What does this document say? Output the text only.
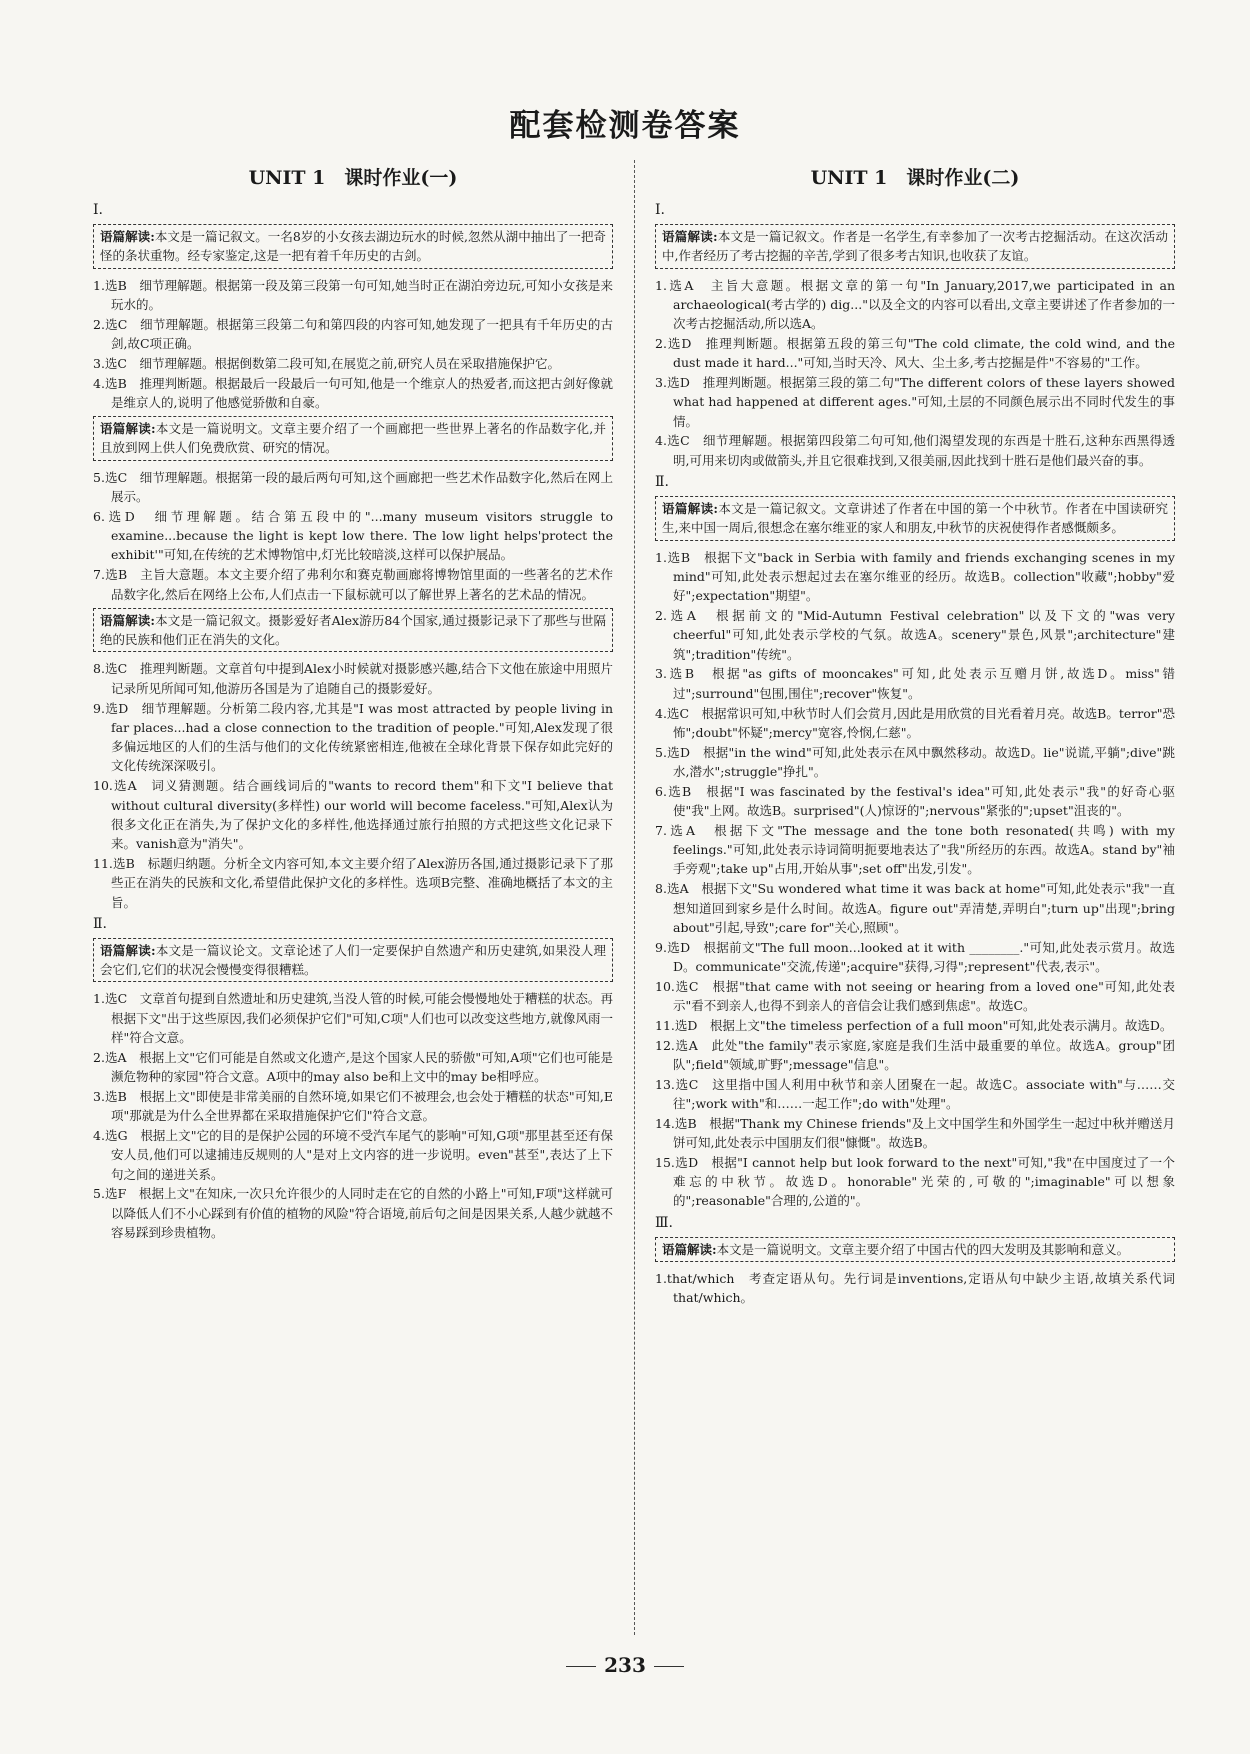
配套检测卷答案
UNIT 1　课时作业(一)
Ⅰ.
语篇解读:本文是一篇记叙文。一名8岁的小女孩去湖边玩水的时候,忽然从湖中抽出了一把奇怪的条状重物。经专家鉴定,这是一把有着千年历史的古剑。
1.选B　细节理解题。根据第一段及第三段第一句可知,她当时正在湖泊旁边玩,可知小女孩是来玩水的。
2.选C　细节理解题。根据第三段第二句和第四段的内容可知,她发现了一把具有千年历史的古剑,故C项正确。
3.选C　细节理解题。根据倒数第二段可知,在展览之前,研究人员在采取措施保护它。
4.选B　推理判断题。根据最后一段最后一句可知,他是一个维京人的热爱者,而这把古剑好像就是维京人的,说明了他感觉骄傲和自豪。
语篇解读:本文是一篇说明文。文章主要介绍了一个画廊把一些世界上著名的作品数字化,并且放到网上供人们免费欣赏、研究的情况。
5.选C　细节理解题。根据第一段的最后两句可知,这个画廊把一些艺术作品数字化,然后在网上展示。
6.选D　细节理解题。结合第五段中的"...many museum visitors struggle to examine...because the light is kept low there. The low light helps'protect the exhibit'"可知,在传统的艺术博物馆中,灯光比较暗淡,这样可以保护展品。
7.选B　主旨大意题。本文主要介绍了弗利尔和赛克勒画廊将博物馆里面的一些著名的艺术作品数字化,然后在网络上公布,人们点击一下鼠标就可以了解世界上著名的艺术品的情况。
语篇解读:本文是一篇记叙文。摄影爱好者Alex游历84个国家,通过摄影记录下了那些与世隔绝的民族和他们正在消失的文化。
8.选C　推理判断题。文章首句中提到Alex小时候就对摄影感兴趣,结合下文他在旅途中用照片记录所见所闻可知,他游历各国是为了追随自己的摄影爱好。
9.选D　细节理解题。分析第二段内容,尤其是"I was most attracted by people living in far places...had a close connection to the tradition of people."可知,Alex发现了很多偏远地区的人们的生活与他们的文化传统紧密相连,他被在全球化背景下保存如此完好的文化传统深深吸引。
10.选A　词义猜测题。结合画线词后的"wants to record them"和下文"I believe that without cultural diversity(多样性) our world will become faceless."可知,Alex认为很多文化正在消失,为了保护文化的多样性,他选择通过旅行拍照的方式把这些文化记录下来。vanish意为"消失"。
11.选B　标题归纳题。分析全文内容可知,本文主要介绍了Alex游历各国,通过摄影记录下了那些正在消失的民族和文化,希望借此保护文化的多样性。选项B完整、准确地概括了本文的主旨。
Ⅱ.
语篇解读:本文是一篇议论文。文章论述了人们一定要保护自然遗产和历史建筑,如果没人理会它们,它们的状况会慢慢变得很糟糕。
1.选C　文章首句提到自然遗址和历史建筑,当没人管的时候,可能会慢慢地处于糟糕的状态。再根据下文"出于这些原因,我们必须保护它们"可知,C项"人们也可以改变这些地方,就像风雨一样"符合文意。
2.选A　根据上文"它们可能是自然或文化遗产,是这个国家人民的骄傲"可知,A项"它们也可能是濒危物种的家园"符合文意。A项中的may also be和上文中的may be相呼应。
3.选B　根据上文"即使是非常美丽的自然环境,如果它们不被理会,也会处于糟糕的状态"可知,E项"那就是为什么全世界都在采取措施保护它们"符合文意。
4.选G　根据上文"它的目的是保护公园的环境不受汽车尾气的影响"可知,G项"那里甚至还有保安人员,他们可以逮捕违反规则的人"是对上文内容的进一步说明。even"甚至",表达了上下句之间的递进关系。
5.选F　根据上文"在知床,一次只允许很少的人同时走在它的自然的小路上"可知,F项"这样就可以降低人们不小心踩到有价值的植物的风险"符合语境,前后句之间是因果关系,人越少就越不容易踩到珍贵植物。
UNIT 1　课时作业(二)
Ⅰ.
语篇解读:本文是一篇记叙文。作者是一名学生,有幸参加了一次考古挖掘活动。在这次活动中,作者经历了考古挖掘的辛苦,学到了很多考古知识,也收获了友谊。
1.选A　主旨大意题。根据文章的第一句"In January,2017,we participated in an archaeological(考古学的) dig..."以及全文的内容可以看出,文章主要讲述了作者参加的一次考古挖掘活动,所以选A。
2.选D　推理判断题。根据第五段的第三句"The cold climate, the cold wind, and the dust made it hard..."可知,当时天冷、风大、尘土多,考古挖掘是件"不容易的"工作。
3.选D　推理判断题。根据第三段的第二句"The different colors of these layers showed what had happened at different ages."可知,土层的不同颜色展示出不同时代发生的事情。
4.选C　细节理解题。根据第四段第二句可知,他们渴望发现的东西是十胜石,这种东西黑得透明,可用来切肉或做箭头,并且它很难找到,又很美丽,因此找到十胜石是他们最兴奋的事。
Ⅱ.
语篇解读:本文是一篇记叙文。文章讲述了作者在中国的第一个中秋节。作者在中国读研究生,来中国一周后,很想念在塞尔维亚的家人和朋友,中秋节的庆祝使得作者感慨颇多。
1.选B　根据下文"back in Serbia with family and friends exchanging scenes in my mind"可知,此处表示想起过去在塞尔维亚的经历。故选B。collection"收藏";hobby"爱好";expectation"期望"。
2.选A　根据前文的"Mid-Autumn Festival celebration"以及下文的"was very cheerful"可知,此处表示学校的气氛。故选A。scenery"景色,风景";architecture"建筑";tradition"传统"。
3.选B　根据"as gifts of mooncakes"可知,此处表示互赠月饼,故选D。miss"错过";surround"包围,围住";recover"恢复"。
4.选C　根据常识可知,中秋节时人们会赏月,因此是用欣赏的目光看着月亮。故选B。terror"恐怖";doubt"怀疑";mercy"宽容,怜悯,仁慈"。
5.选D　根据"in the wind"可知,此处表示在风中飘然移动。故选D。lie"说谎,平躺";dive"跳水,潜水";struggle"挣扎"。
6.选B　根据"I was fascinated by the festival's idea"可知,此处表示"我"的好奇心驱使"我"上网。故选B。surprised"(人)惊讶的";nervous"紧张的";upset"沮丧的"。
7.选A　根据下文"The message and the tone both resonated(共鸣) with my feelings."可知,此处表示诗词简明扼要地表达了"我"所经历的东西。故选A。stand by"袖手旁观";take up"占用,开始从事";set off"出发,引发"。
8.选A　根据下文"Su wondered what time it was back at home"可知,此处表示"我"一直想知道回到家乡是什么时间。故选A。figure out"弄清楚,弄明白";turn up"出现";bring about"引起,导致";care for"关心,照顾"。
9.选D　根据前文"The full moon...looked at it with ________."可知,此处表示赏月。故选D。communicate"交流,传递";acquire"获得,习得";represent"代表,表示"。
10.选C　根据"that came with not seeing or hearing from a loved one"可知,此处表示"看不到亲人,也得不到亲人的音信会让我们感到焦虑"。故选C。
11.选D　根据上文"the timeless perfection of a full moon"可知,此处表示满月。故选D。
12.选A　此处"the family"表示家庭,家庭是我们生活中最重要的单位。故选A。group"团队";field"领域,旷野";message"信息"。
13.选C　这里指中国人利用中秋节和亲人团聚在一起。故选C。associate with"与……交往";work with"和……一起工作";do with"处理"。
14.选B　根据"Thank my Chinese friends"及上文中国学生和外国学生一起过中秋并赠送月饼可知,此处表示中国朋友们很"慷慨"。故选B。
15.选D　根据"I cannot help but look forward to the next"可知,"我"在中国度过了一个难忘的中秋节。故选D。honorable"光荣的,可敬的";imaginable"可以想象的";reasonable"合理的,公道的"。
Ⅲ.
语篇解读:本文是一篇说明文。文章主要介绍了中国古代的四大发明及其影响和意义。
1.that/which　考查定语从句。先行词是inventions,定语从句中缺少主语,故填关系代词that/which。
233
